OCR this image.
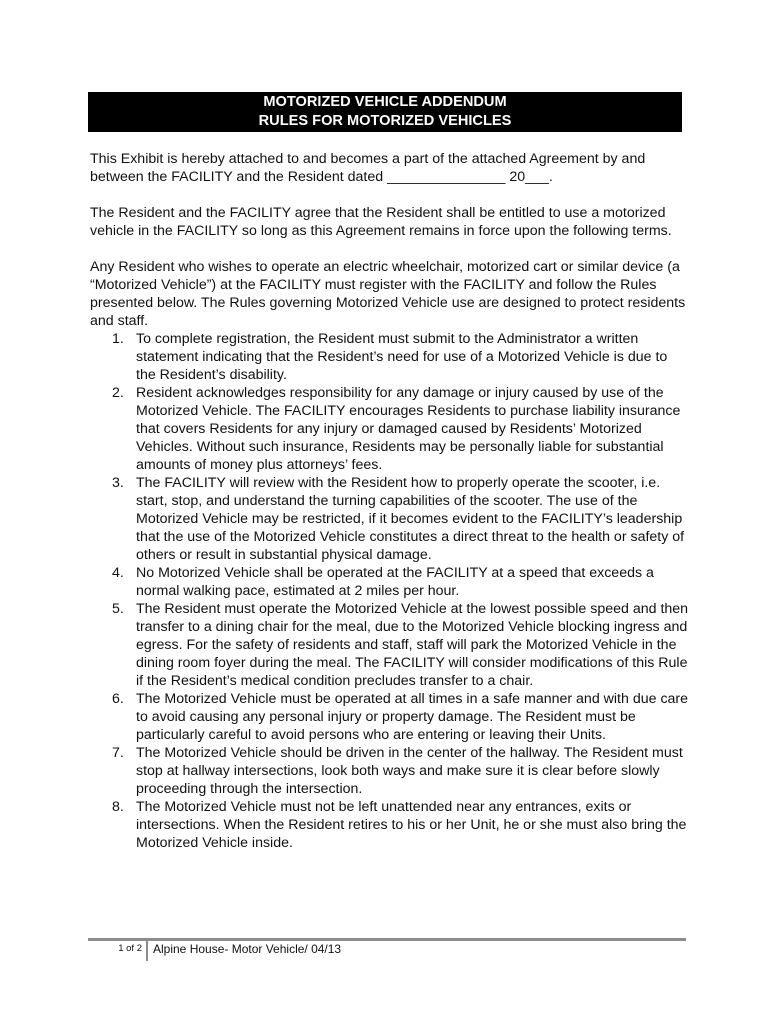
MOTORIZED VEHICLE ADDENDUM
RULES FOR MOTORIZED VEHICLES

This Exhibit is hereby attached to and becomes a part of the attached Agreement by and between the FACILITY and the Resident dated _______________ 20___.

The Resident and the FACILITY agree that the Resident shall be entitled to use a motorized vehicle in the FACILITY so long as this Agreement remains in force upon the following terms.

Any Resident who wishes to operate an electric wheelchair, motorized cart or similar device (a “Motorized Vehicle”) at the FACILITY must register with the FACILITY and follow the Rules presented below. The Rules governing Motorized Vehicle use are designed to protect residents and staff.

1. To complete registration, the Resident must submit to the Administrator a written statement indicating that the Resident’s need for use of a Motorized Vehicle is due to the Resident’s disability.
2. Resident acknowledges responsibility for any damage or injury caused by use of the Motorized Vehicle. The FACILITY encourages Residents to purchase liability insurance that covers Residents for any injury or damaged caused by Residents’ Motorized Vehicles. Without such insurance, Residents may be personally liable for substantial amounts of money plus attorneys’ fees.
3. The FACILITY will review with the Resident how to properly operate the scooter, i.e. start, stop, and understand the turning capabilities of the scooter. The use of the Motorized Vehicle may be restricted, if it becomes evident to the FACILITY’s leadership that the use of the Motorized Vehicle constitutes a direct threat to the health or safety of others or result in substantial physical damage.
4. No Motorized Vehicle shall be operated at the FACILITY at a speed that exceeds a normal walking pace, estimated at 2 miles per hour.
5. The Resident must operate the Motorized Vehicle at the lowest possible speed and then transfer to a dining chair for the meal, due to the Motorized Vehicle blocking ingress and egress. For the safety of residents and staff, staff will park the Motorized Vehicle in the dining room foyer during the meal. The FACILITY will consider modifications of this Rule if the Resident’s medical condition precludes transfer to a chair.
6. The Motorized Vehicle must be operated at all times in a safe manner and with due care to avoid causing any personal injury or property damage. The Resident must be particularly careful to avoid persons who are entering or leaving their Units.
7. The Motorized Vehicle should be driven in the center of the hallway. The Resident must stop at hallway intersections, look both ways and make sure it is clear before slowly proceeding through the intersection.
8. The Motorized Vehicle must not be left unattended near any entrances, exits or intersections. When the Resident retires to his or her Unit, he or she must also bring the Motorized Vehicle inside.
1 of 2 Alpine House- Motor Vehicle/ 04/13
